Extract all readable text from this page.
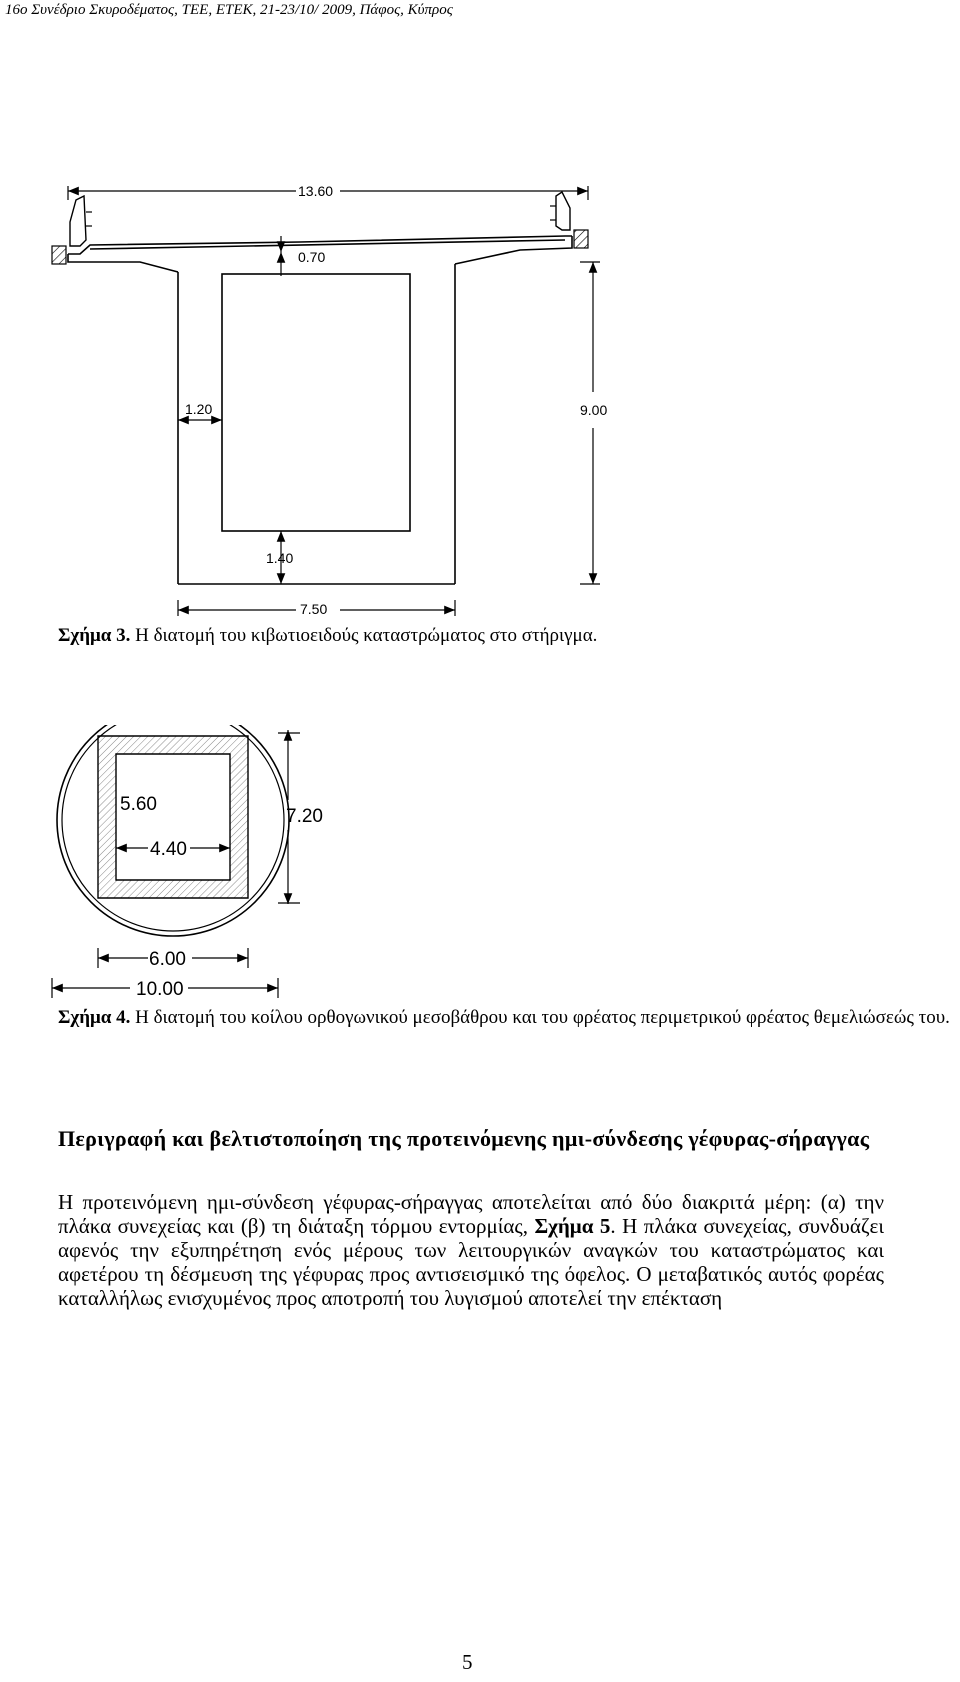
16ο Συνέδριο Σκυροδέματος, ΤΕΕ, ΕΤΕΚ, 21-23/10/ 2009, Πάφος, Κύπρος
13.60
0.70
1.20	9.00
1.40
7.50
Σχήμα 3. Η διατομή του κιβωτιοειδούς καταστρώματος στο στήριγμα.
5.60
4.40
7.20
6.00
10.00
Σχήμα 4. Η διατομή του κοίλου ορθογωνικού μεσοβάθρου και του φρέατος περιμετρικού φρέατος θεμελιώσεώς του.
Περιγραφή και βελτιστοποίηση της προτεινόμενης ημι-σύνδεσης γέφυρας-σήραγγας
Η προτεινόμενη ημι-σύνδεση γέφυρας-σήραγγας αποτελείται από δύο διακριτά μέρη: (α) την πλάκα συνεχείας και (β) τη διάταξη τόρμου εντορμίας, Σχήμα 5. Η πλάκα συνεχείας, συνδυάζει αφενός την εξυπηρέτηση ενός μέρους των λειτουργικών αναγκών του καταστρώματος και αφετέρου τη δέσμευση της γέφυρας προς αντισεισμικό της όφελος. Ο μεταβατικός αυτός φορέας καταλλήλως ενισχυμένος προς αποτροπή του λυγισμού αποτελεί την επέκταση
5
